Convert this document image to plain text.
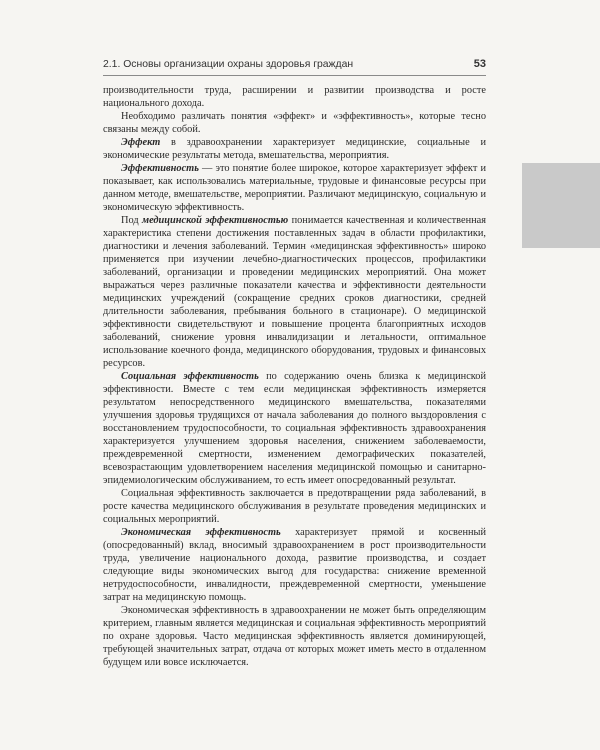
2.1. Основы организации охраны здоровья граждан	53

производительности труда, расширении и развитии производства и росте национального дохода.

Необходимо различать понятия «эффект» и «эффективность», которые тесно связаны между собой.

Эффект в здравоохранении характеризует медицинские, социальные и экономические результаты метода, вмешательства, мероприятия.

Эффективность — это понятие более широкое, которое характеризует эффект и показывает, как использовались материальные, трудовые и финансовые ресурсы при данном методе, вмешательстве, мероприятии. Различают медицинскую, социальную и экономическую эффективность.

Под медицинской эффективностью понимается качественная и количественная характеристика степени достижения поставленных задач в области профилактики, диагностики и лечения заболеваний. Термин «медицинская эффективность» широко применяется при изучении лечебно-диагностических процессов, профилактики заболеваний, организации и проведении медицинских мероприятий. Она может выражаться через различные показатели качества и эффективности деятельности медицинских учреждений (сокращение средних сроков диагностики, средней длительности заболевания, пребывания больного в стационаре). О медицинской эффективности свидетельствуют и повышение процента благоприятных исходов заболеваний, снижение уровня инвалидизации и летальности, оптимальное использование коечного фонда, медицинского оборудования, трудовых и финансовых ресурсов.

Социальная эффективность по содержанию очень близка к медицинской эффективности. Вместе с тем если медицинская эффективность измеряется результатом непосредственного медицинского вмешательства, показателями улучшения здоровья трудящихся от начала заболевания до полного выздоровления с восстановлением трудоспособности, то социальная эффективность здравоохранения характеризуется улучшением здоровья населения, снижением заболеваемости, преждевременной смертности, изменением демографических показателей, всевозрастающим удовлетворением населения медицинской помощью и санитарно-эпидемиологическим обслуживанием, то есть имеет опосредованный результат.

Социальная эффективность заключается в предотвращении ряда заболеваний, в росте качества медицинского обслуживания в результате проведения медицинских и социальных мероприятий.

Экономическая эффективность характеризует прямой и косвенный (опосредованный) вклад, вносимый здравоохранением в рост производительности труда, увеличение национального дохода, развитие производства, и создает следующие виды экономических выгод для государства: снижение временной нетрудоспособности, инвалидности, преждевременной смертности, уменьшение затрат на медицинскую помощь.

Экономическая эффективность в здравоохранении не может быть определяющим критерием, главным является медицинская и социальная эффективность мероприятий по охране здоровья. Часто медицинская эффективность является доминирующей, требующей значительных затрат, отдача от которых может иметь место в отдаленном будущем или вовсе исключается.
